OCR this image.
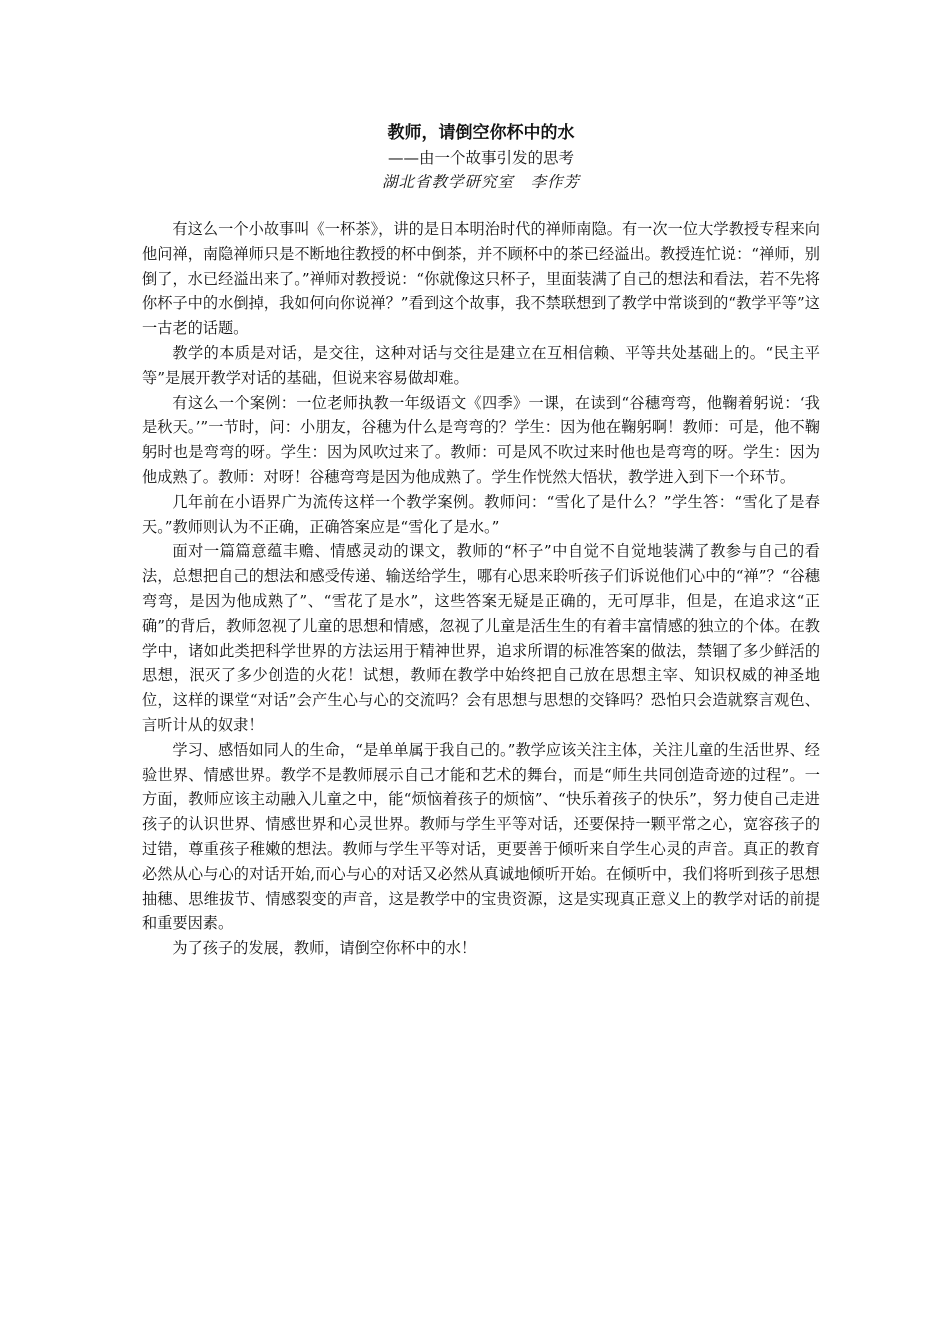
教师，请倒空你杯中的水

——由一个故事引发的思考

湖北省教学研究室　李作芳

有这么一个小故事叫《一杯茶》，讲的是日本明治时代的禅师南隐。有一次一位大学教授专程来向他问禅，南隐禅师只是不断地往教授的杯中倒茶，并不顾杯中的茶已经溢出。教授连忙说：“禅师，别倒了，水已经溢出来了。”禅师对教授说：“你就像这只杯子，里面装满了自己的想法和看法，若不先将你杯子中的水倒掉，我如何向你说禅？”看到这个故事，我不禁联想到了教学中常谈到的“教学平等”这一古老的话题。

教学的本质是对话，是交往，这种对话与交往是建立在互相信赖、平等共处基础上的。“民主平等”是展开教学对话的基础，但说来容易做却难。

有这么一个案例：一位老师执教一年级语文《四季》一课，在读到“谷穗弯弯，他鞠着躬说：‘我是秋天。’”一节时，问：小朋友，谷穗为什么是弯弯的？学生：因为他在鞠躬啊！教师：可是，他不鞠躬时也是弯弯的呀。学生：因为风吹过来了。教师：可是风不吹过来时他也是弯弯的呀。学生：因为他成熟了。教师：对呀！谷穗弯弯是因为他成熟了。学生作恍然大悟状，教学进入到下一个环节。

几年前在小语界广为流传这样一个教学案例。教师问：“雪化了是什么？”学生答：“雪化了是春天。”教师则认为不正确，正确答案应是“雪化了是水。”

面对一篇篇意蕴丰赡、情感灵动的课文，教师的“杯子”中自觉不自觉地装满了教参与自己的看法，总想把自己的想法和感受传递、输送给学生，哪有心思来聆听孩子们诉说他们心中的“禅”？“谷穗弯弯，是因为他成熟了”、“雪花了是水”，这些答案无疑是正确的，无可厚非，但是，在追求这“正确”的背后，教师忽视了儿童的思想和情感，忽视了儿童是活生生的有着丰富情感的独立的个体。在教学中，诸如此类把科学世界的方法运用于精神世界，追求所谓的标准答案的做法，禁锢了多少鲜活的思想，泯灭了多少创造的火花！试想，教师在教学中始终把自己放在思想主宰、知识权威的神圣地位，这样的课堂“对话”会产生心与心的交流吗？会有思想与思想的交锋吗？恐怕只会造就察言观色、言听计从的奴隶！

学习、感悟如同人的生命，“是单单属于我自己的。”教学应该关注主体，关注儿童的生活世界、经验世界、情感世界。教学不是教师展示自己才能和艺术的舞台，而是“师生共同创造奇迹的过程”。一方面，教师应该主动融入儿童之中，能“烦恼着孩子的烦恼”、“快乐着孩子的快乐”，努力使自己走进孩子的认识世界、情感世界和心灵世界。教师与学生平等对话，还要保持一颗平常之心，宽容孩子的过错，尊重孩子稚嫩的想法。教师与学生平等对话，更要善于倾听来自学生心灵的声音。真正的教育必然从心与心的对话开始,而心与心的对话又必然从真诚地倾听开始。在倾听中，我们将听到孩子思想抽穗、思维拔节、情感裂变的声音，这是教学中的宝贵资源，这是实现真正意义上的教学对话的前提和重要因素。

为了孩子的发展，教师，请倒空你杯中的水！
